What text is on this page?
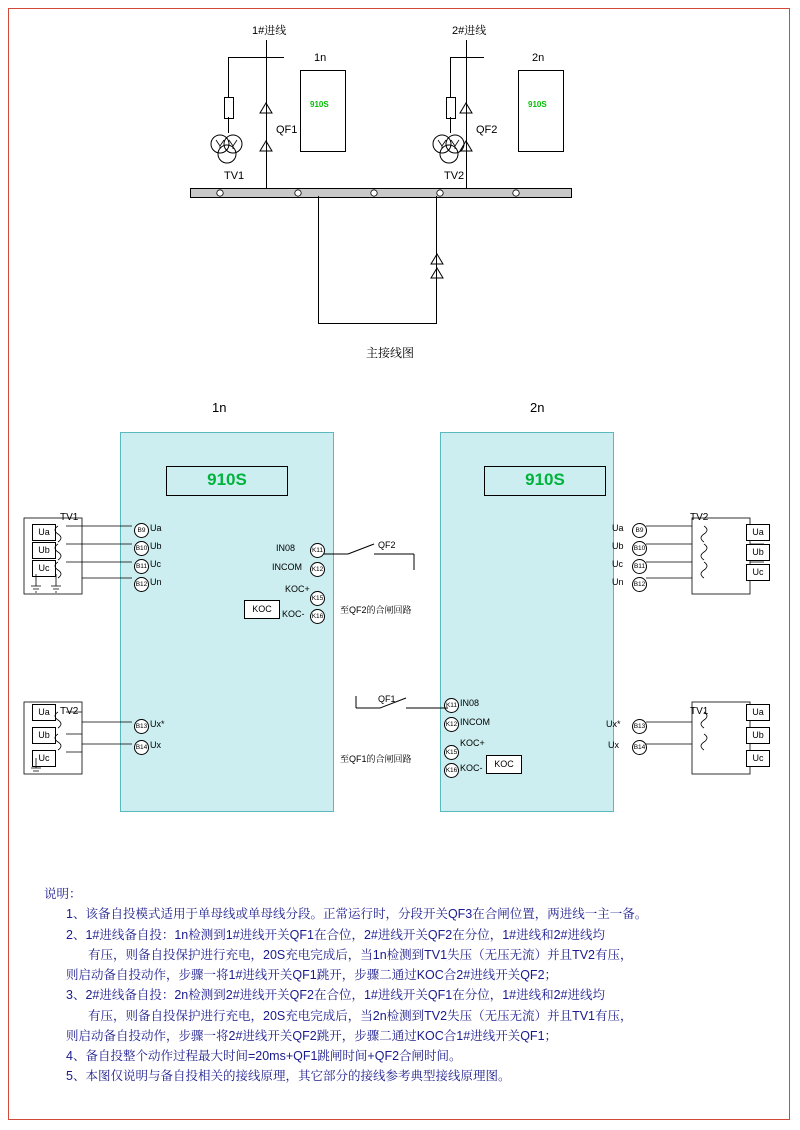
1#进线
TV1
QF1
1n
910S
2#进线
TV2
QF2
2n
910S
主接线图
1n	2n
910S
TV1
Ua
Ub
Uc
B9 Ua
B10 Ub
B11 Uc
B12 Un
TV2
Ua
Ub
Uc
B13 Ux*
B14 Ux
IN08	K11
INCOM K12
KOC+
K15
KOC- K16
KOC
QF2
至QF2的合闸回路
910S
TV2
B9
Ua
B10
Ub
B11
Uc
B12
Un
Ua
Ub
Uc
TV1
B13
Ux*
B14
Ux
Ua
Ub
Uc
K11 IN08
K12 INCOM
K15
KOC+
K16 KOC-	KOC
QF1
至QF1的合闸回路

说明：

1、该备自投模式适用于单母线或单母线分段。正常运行时，分段开关QF3在合闸位置，两进线一主一备。

2、1#进线备自投：1n检测到1#进线开关QF1在合位，2#进线开关QF2在分位，1#进线和2#进线均

有压，则备自投保护进行充电，20S充电完成后，当1n检测到TV1失压（无压无流）并且TV2有压，

则启动备自投动作，步骤一将1#进线开关QF1跳开，步骤二通过KOC合2#进线开关QF2；

3、2#进线备自投：2n检测到2#进线开关QF2在合位，1#进线开关QF1在分位，1#进线和2#进线均

有压，则备自投保护进行充电，20S充电完成后，当2n检测到TV2失压（无压无流）并且TV1有压，

则启动备自投动作，步骤一将2#进线开关QF2跳开，步骤二通过KOC合1#进线开关QF1；

4、备自投整个动作过程最大时间=20ms+QF1跳闸时间+QF2合闸时间。

5、本图仅说明与备自投相关的接线原理，其它部分的接线参考典型接线原理图。
